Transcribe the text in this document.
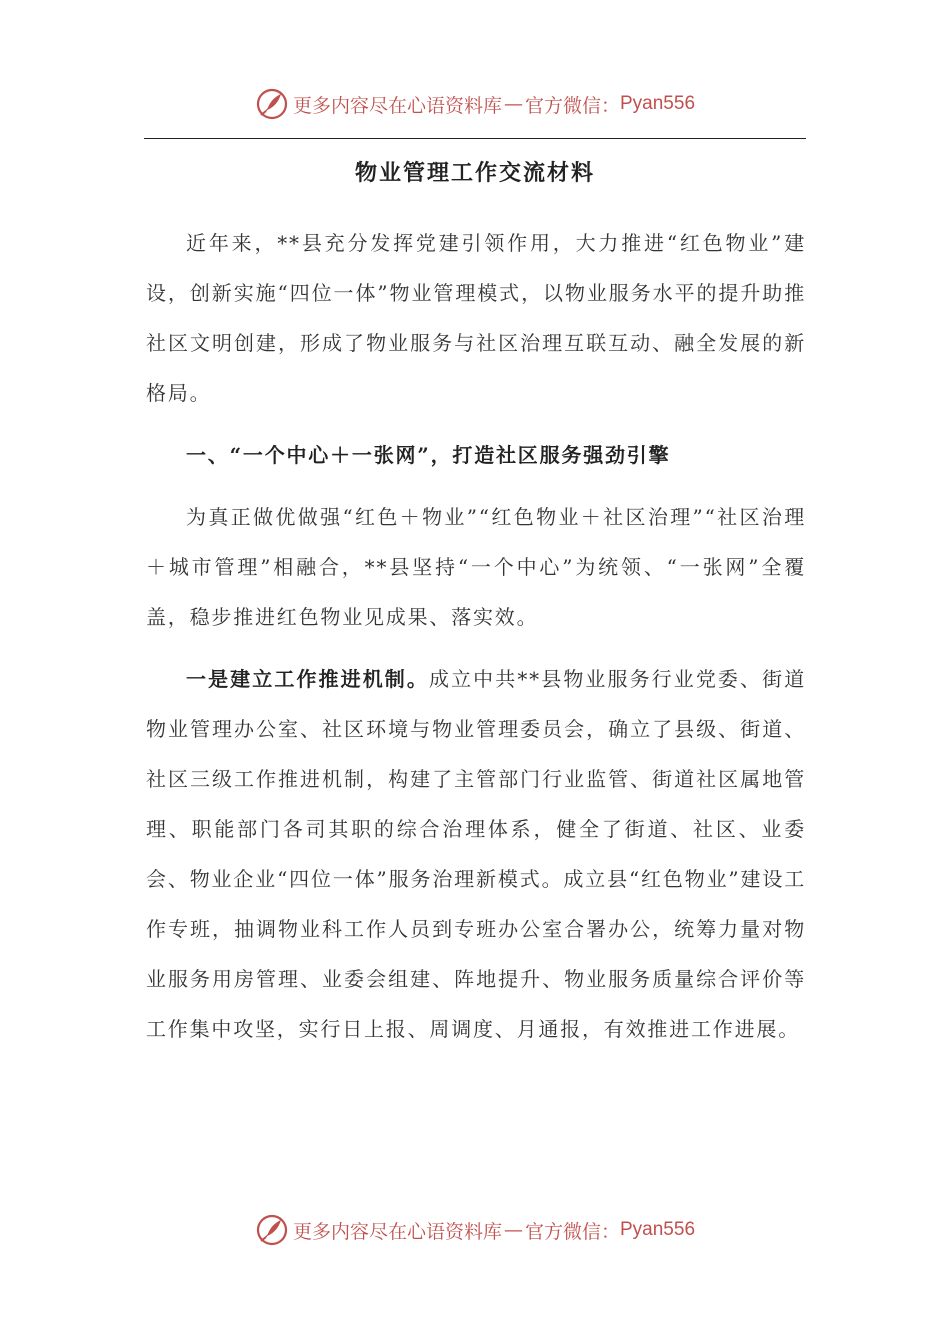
更多内容尽在心语资料库 — 官方微信： Pyan556
物业管理工作交流材料

近年来，**县充分发挥党建引领作用，大力推进“红色物业”建设，创新实施“四位一体”物业管理模式，以物业服务水平的提升助推社区文明创建，形成了物业服务与社区治理互联互动、融全发展的新格局。

一、“一个中心＋一张网”，打造社区服务强劲引擎

为真正做优做强“红色＋物业”“红色物业＋社区治理”“社区治理＋城市管理”相融合，**县坚持“一个中心”为统领、“一张网”全覆盖，稳步推进红色物业见成果、落实效。

一是建立工作推进机制。成立中共**县物业服务行业党委、街道物业管理办公室、社区环境与物业管理委员会，确立了县级、街道、社区三级工作推进机制，构建了主管部门行业监管、街道社区属地管理、职能部门各司其职的综合治理体系，健全了街道、社区、业委会、物业企业“四位一体”服务治理新模式。成立县“红色物业”建设工作专班，抽调物业科工作人员到专班办公室合署办公，统筹力量对物业服务用房管理、业委会组建、阵地提升、物业服务质量综合评价等工作集中攻坚，实行日上报、周调度、月通报，有效推进工作进展。

更多内容尽在心语资料库 — 官方微信： Pyan556
